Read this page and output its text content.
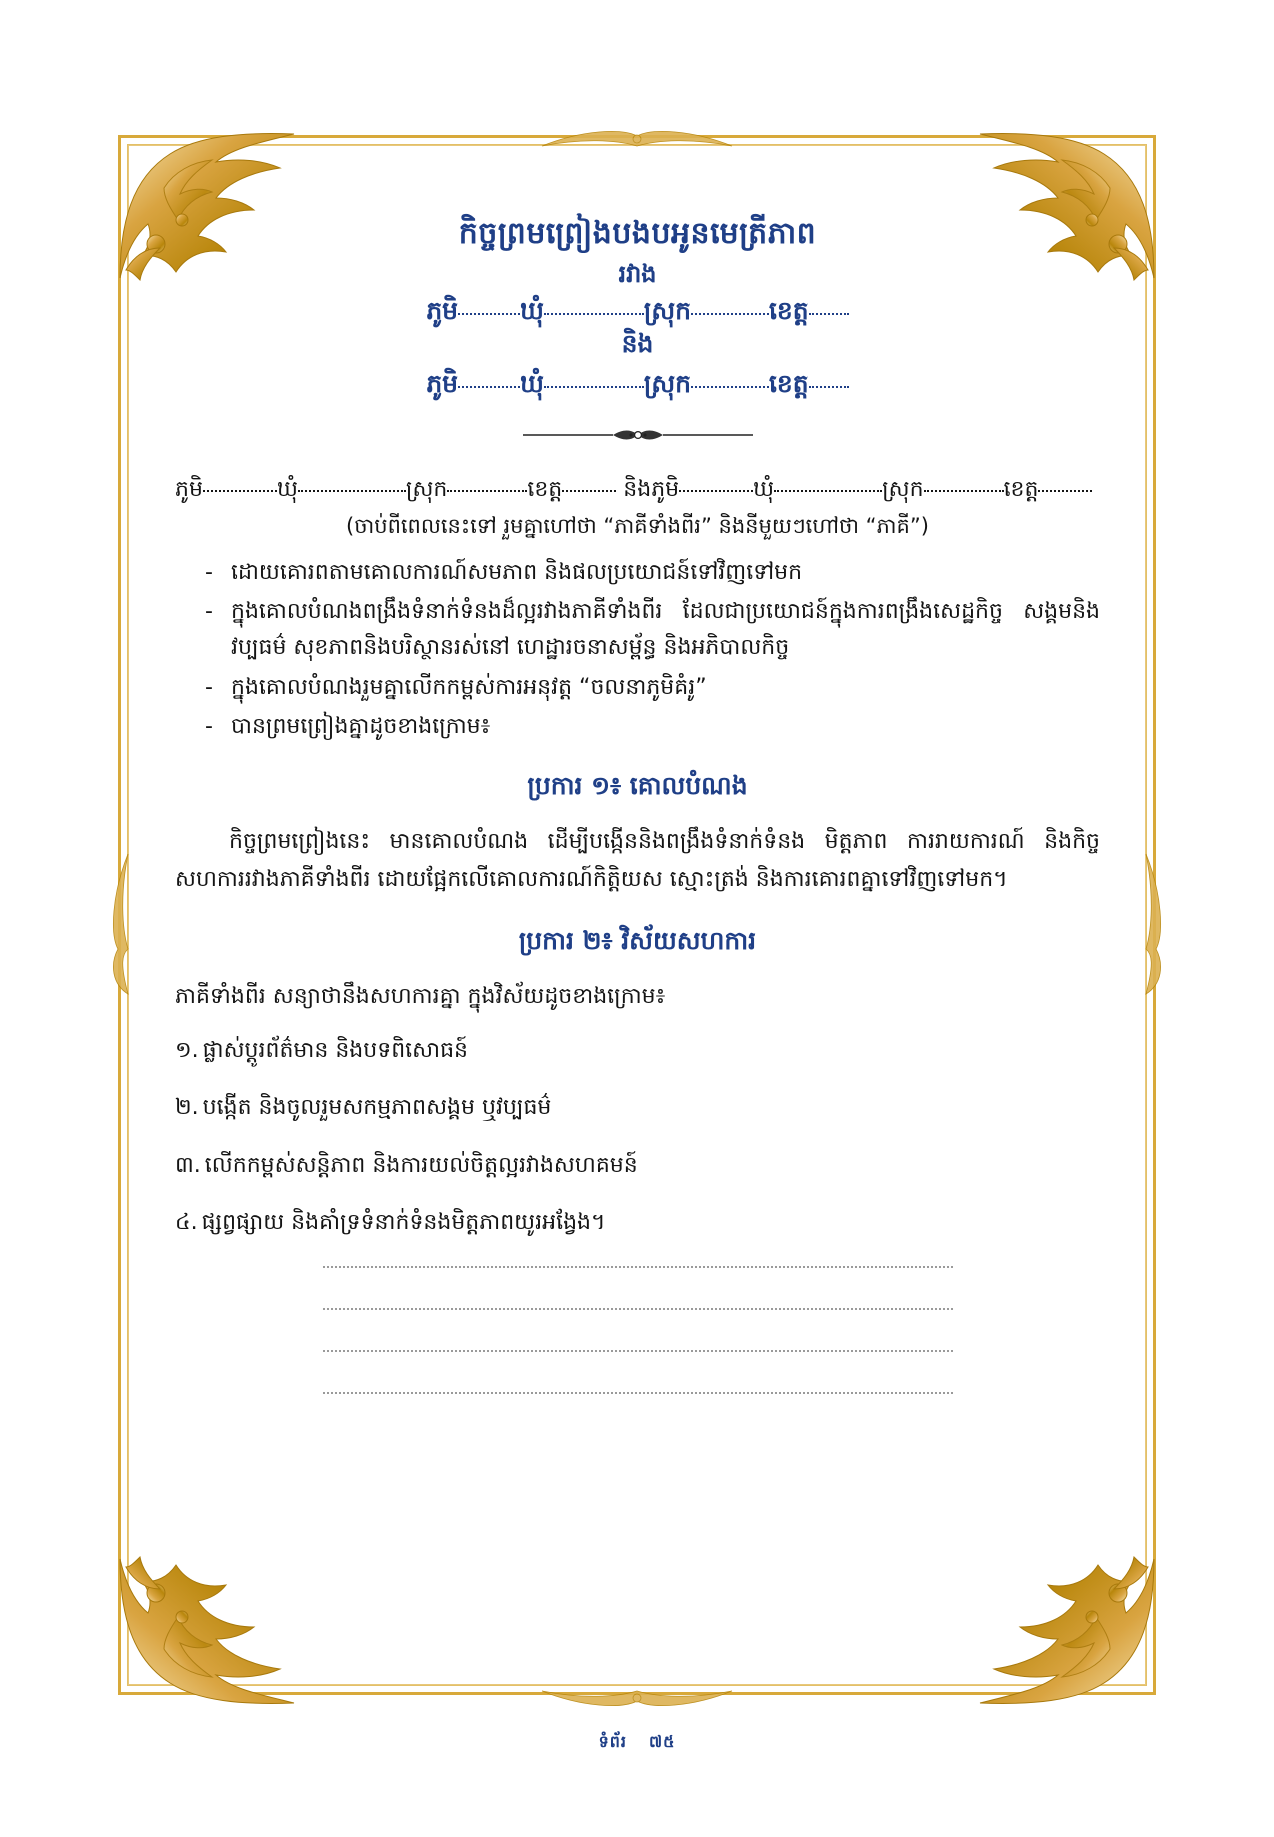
កិច្ចព្រមព្រៀងបងបអូនមេត្រីភាព
រវាង
ភូមិ ឃុំ	ស្រុក	ខេត្ត
និង
ភូមិ ឃុំ	ស្រុក	ខេត្ត
ភូមិ	ឃុំ	ស្រុក	ខេត្ត	និងភូមិ	ឃុំ	ស្រុក	ខេត្ត
(ចាប់ពីពេលនេះទៅ រួមគ្នាហៅថា “ភាគីទាំងពីរ” និងនីមួយៗហៅថា “ភាគី”)
- ដោយគោរពតាមគោលការណ៍សមភាព និងផលប្រយោជន៍ទៅវិញទៅមក
- ក្នុងគោលបំណងពង្រឹងទំនាក់ទំនងដ៏ល្អរវាងភាគីទាំងពីរ ដែលជាប្រយោជន៍ក្នុងការពង្រឹងសេដ្ឋកិច្ច សង្គមនិងវប្បធម៌ សុខភាពនិងបរិស្ថានរស់នៅ ហេដ្ឋារចនាសម្ព័ន្ធ និងអភិបាលកិច្ច
- ក្នុងគោលបំណងរួមគ្នាលើកកម្ពស់ការអនុវត្ត “ចលនាភូមិគំរូ”
- បានព្រមព្រៀងគ្នាដូចខាងក្រោម៖
ប្រការ ១៖ គោលបំណង

កិច្ចព្រមព្រៀងនេះ មានគោលបំណង ដើម្បីបង្កើននិងពង្រឹងទំនាក់ទំនង មិត្តភាព ការរាយការណ៍ និងកិច្ចសហការរវាងភាគីទាំងពីរ ដោយផ្អែកលើគោលការណ៍កិត្តិយស ស្មោះត្រង់ និងការគោរពគ្នាទៅវិញទៅមក។

ប្រការ ២៖ វិស័យសហការ

ភាគីទាំងពីរ សន្យាថានឹងសហការគ្នា ក្នុងវិស័យដូចខាងក្រោម៖

១. ផ្លាស់ប្ដូរព័ត៌មាន និងបទពិសោធន៍
២. បង្កើត និងចូលរួមសកម្មភាពសង្គម ឬវប្បធម៌
៣. លើកកម្ពស់សន្តិភាព និងការយល់ចិត្តល្អរវាងសហគមន៍
៤. ផ្សព្វផ្សាយ និងគាំទ្រទំនាក់ទំនងមិត្តភាពយូរអង្វែង។
ទំព័រ ៧៥
